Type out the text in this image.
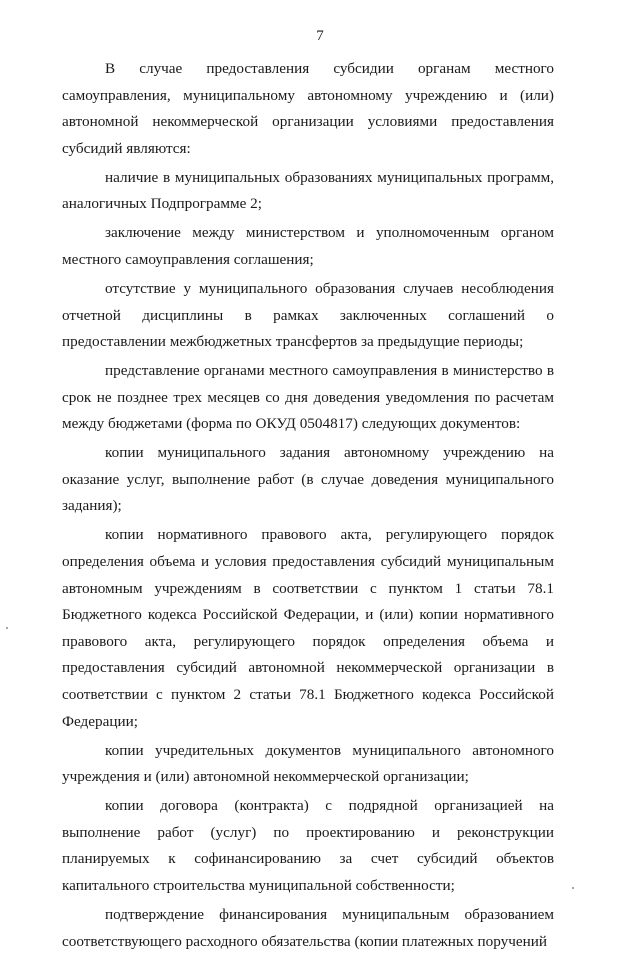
7

В случае предоставления субсидии органам местного самоуправления, муниципальному автономному учреждению и (или) автономной некоммерческой организации условиями предоставления субсидий являются:

наличие в муниципальных образованиях муниципальных программ, аналогичных Подпрограмме 2;

заключение между министерством и уполномоченным органом местного самоуправления соглашения;

отсутствие у муниципального образования случаев несоблюдения отчетной дисциплины в рамках заключенных соглашений о предоставлении межбюджетных трансфертов за предыдущие периоды;

представление органами местного самоуправления в министерство в срок не позднее трех месяцев со дня доведения уведомления по расчетам между бюджетами (форма по ОКУД 0504817) следующих документов:

копии муниципального задания автономному учреждению на оказание услуг, выполнение работ (в случае доведения муниципального задания);

копии нормативного правового акта, регулирующего порядок определения объема и условия предоставления субсидий муниципальным автономным учреждениям в соответствии с пунктом 1 статьи 78.1 Бюджетного кодекса Российской Федерации, и (или) копии нормативного правового акта, регулирующего порядок определения объема и предоставления субсидий автономной некоммерческой организации в соответствии с пунктом 2 статьи 78.1 Бюджетного кодекса Российской Федерации;

копии учредительных документов муниципального автономного учреждения и (или) автономной некоммерческой организации;

копии договора (контракта) с подрядной организацией на выполнение работ (услуг) по проектированию и реконструкции планируемых к софинансированию за счет субсидий объектов капитального строительства муниципальной собственности;

подтверждение финансирования муниципальным образованием соответствующего расходного обязательства (копии платежных поручений
